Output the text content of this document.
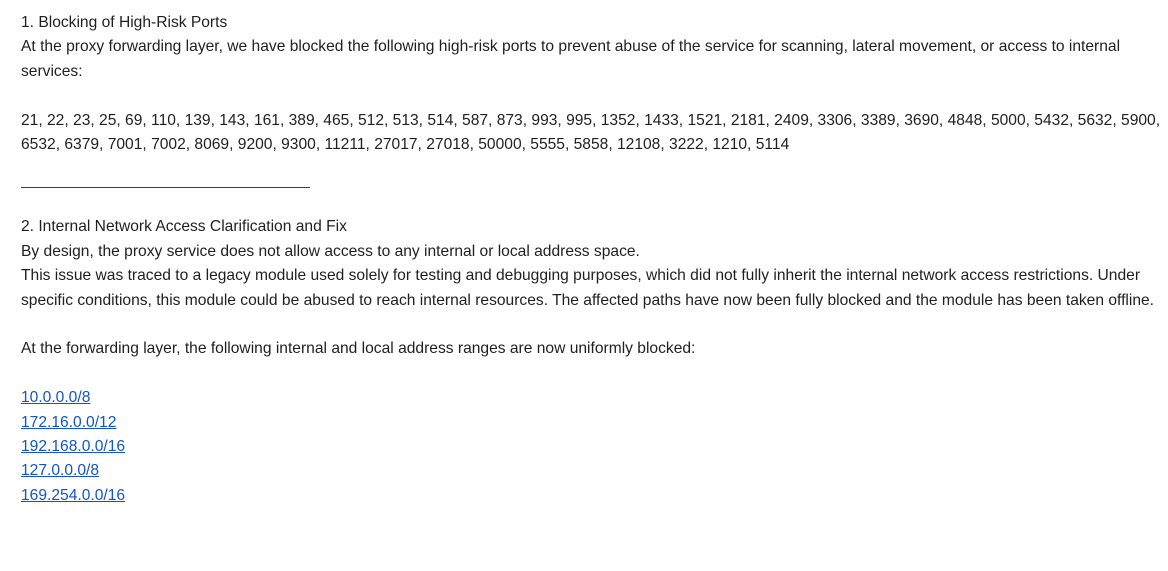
1. Blocking of High-Risk Ports

At the proxy forwarding layer, we have blocked the following high-risk ports to prevent abuse of the service for scanning, lateral movement, or access to internal services:

21, 22, 23, 25, 69, 110, 139, 143, 161, 389, 465, 512, 513, 514, 587, 873, 993, 995, 1352, 1433, 1521, 2181, 2409, 3306, 3389, 3690, 4848, 5000, 5432, 5632, 5900, 6532, 6379, 7001, 7002, 8069, 9200, 9300, 11211, 27017, 27018, 50000, 5555, 5858, 12108, 3222, 1210, 5114

2. Internal Network Access Clarification and Fix

By design, the proxy service does not allow access to any internal or local address space.

This issue was traced to a legacy module used solely for testing and debugging purposes, which did not fully inherit the internal network access restrictions. Under specific conditions, this module could be abused to reach internal resources. The affected paths have now been fully blocked and the module has been taken offline.

At the forwarding layer, the following internal and local address ranges are now uniformly blocked:

10.0.0.0/8
172.16.0.0/12
192.168.0.0/16
127.0.0.0/8
169.254.0.0/16
